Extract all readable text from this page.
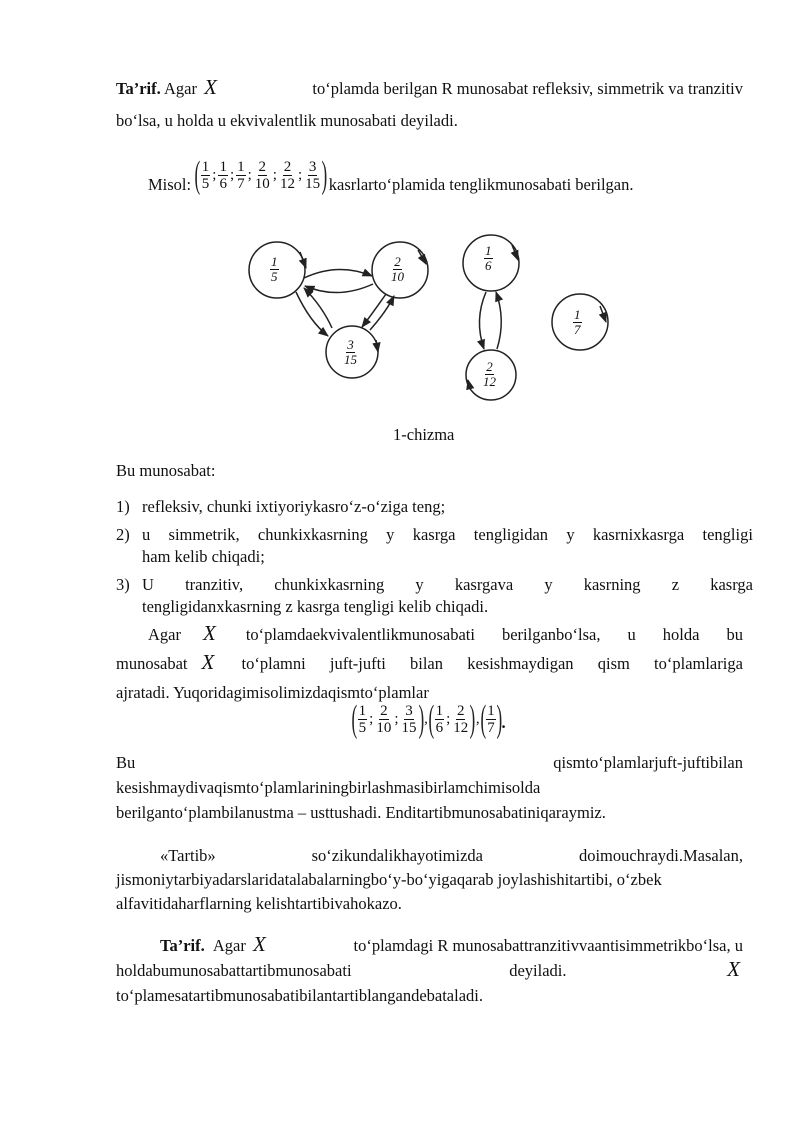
Ta’rif. Agar X	to‘plamda berilgan R munosabat refleksiv, simmetrik va tranzitiv
bo‘lsa, u holda u ekvivalentlik munosabati deyiladi.
Misol: ( 1
5
;
1
6
;
1
7
;
2
10
;
2
12
;
3
15 ) kasrlarto‘plamida tenglikmunosabati berilgan.
1
5
2
10
3
15
1
6
2
12
1
7
1-chizma
Bu munosabat:
1) refleksiv, chunki ixtiyoriykasro‘z-o‘ziga teng;
2) u simmetrik, chunkixkasrning y kasrga tengligidan y kasrnixkasrga tengligi
ham kelib chiqadi;
3) U tranzitiv, chunkixkasrning y kasrgava y kasrning z kasrga
tengligidanxkasrning z kasrga tengligi kelib chiqadi.
Agar X to‘plamdaekvivalentlikmunosabati berilganbo‘lsa, u holda bu
munosabat X to‘plamni juft-jufti bilan kesishmaydigan qism to‘plamlariga
ajratadi. Yuqoridagimisolimizdaqismto‘plamlar
( 1
5
;
2
10
;
3
15 ) , ( 1
6
;
2
12 ) , ( 1
7 ) .
Bu	qismto‘plamlarjuft-juftibilan
kesishmaydivaqismto‘plamlariningbirlashmasibirlamchimisolda
berilganto‘plambilanustma – usttushadi. Enditartibmunosabatiniqaraymiz.
«Tartib»	so‘zikundalikhayotimizda	doimouchraydi.Masalan,
jismoniytarbiyadarslaridatalabalarningbo‘y-bo‘yigaqarab joylashishitartibi, o‘zbek
alfavitidaharflarning kelishtartibivahokazo.
Ta’rif. Agar X	to‘plamdagi R munosabattranzitivvaantisimmetrikbo‘lsa, u
holdabumunosabattartibmunosabati	deyiladi.	X
to‘plamesatartibmunosabatibilantartiblangandebataladi.
